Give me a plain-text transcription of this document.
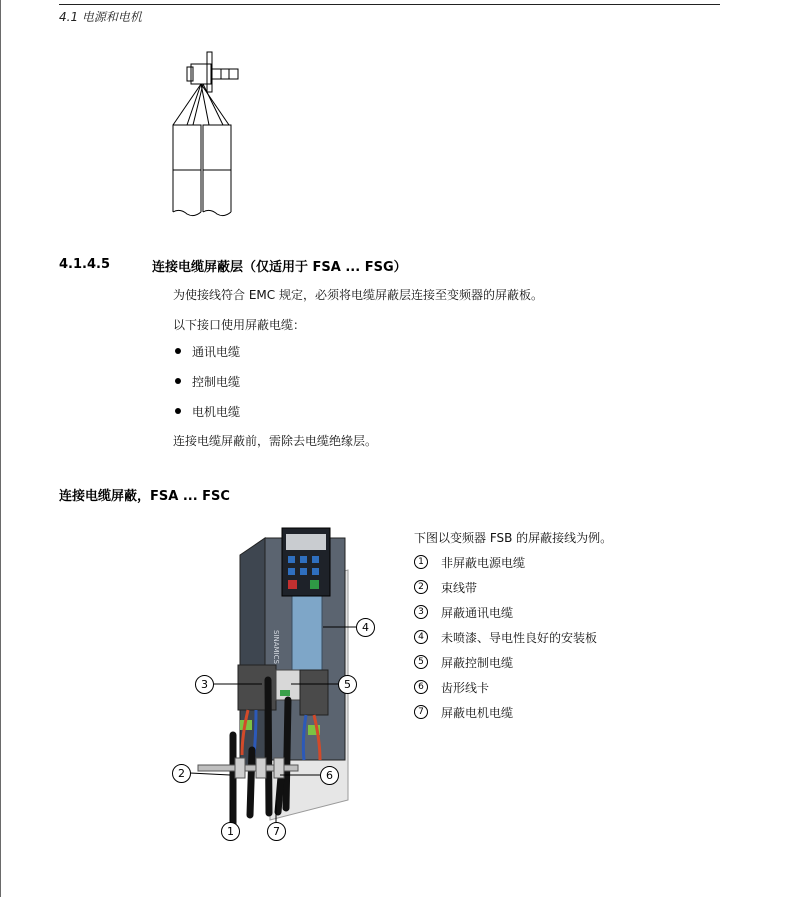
4.1 电源和电机
4.1.4.5	连接电缆屏蔽层（仅适用于 FSA ... FSG）
为使接线符合 EMC 规定，必须将电缆屏蔽层连接至变频器的屏蔽板。
以下接口使用屏蔽电缆：
通讯电缆
控制电缆
电机电缆
连接电缆屏蔽前，需除去电缆绝缘层。
连接电缆屏蔽，FSA ... FSC
SINAMICS
3	5
4
2	6
1	7
下图以变频器 FSB 的屏蔽接线为例。
1	非屏蔽电源电缆
2	束线带
3	屏蔽通讯电缆
4	未喷漆、导电性良好的安装板
5	屏蔽控制电缆
6	齿形线卡
7	屏蔽电机电缆
